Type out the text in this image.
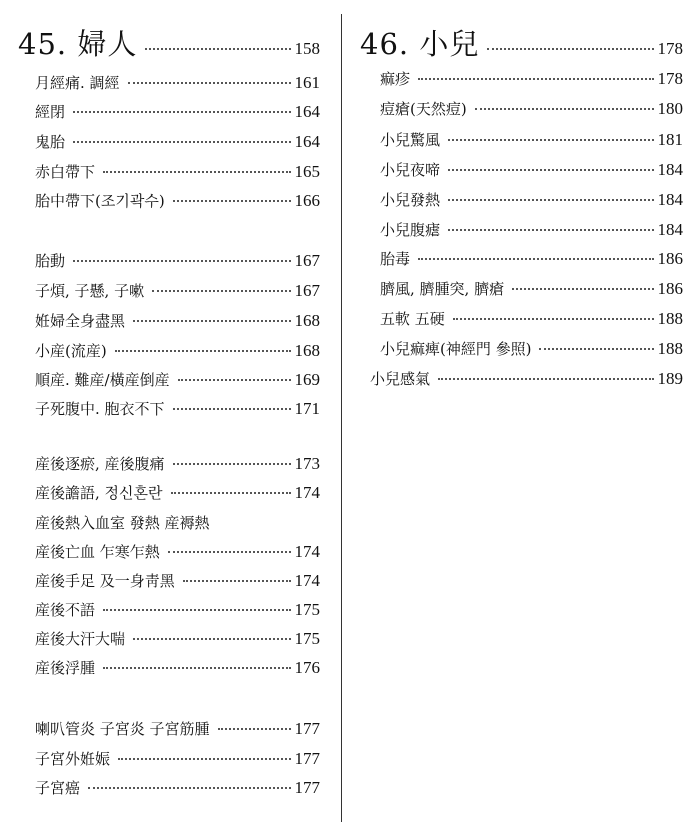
45. 婦人	158
月經痛. 調經	161
經閉	164
鬼胎	164
赤白帶下	165
胎中帶下(조기곽수)	166
胎動	167
子煩, 子懸, 子嗽	167
姙婦全身盡黑	168
小産(流産)	168
順産. 難産/橫産倒産	169
子死腹中. 胞衣不下	171
産後逐瘀, 産後腹痛	173
産後譫語, 정신혼란	174
産後熱入血室 發熱 産褥熱
産後亡血 乍寒乍熱	174
産後手足 及一身靑黑	174
産後不語	175
産後大汗大喘	175
産後浮腫	176
喇叭管炎 子宮炎 子宮筋腫	177
子宮外姙娠	177
子宮癌	177
46. 小兒	178
痲疹	178
痘瘡(天然痘)	180
小兒驚風	181
小兒夜啼	184
小兒發熱	184
小兒腹瘧	184
胎毒	186
臍風, 臍腫突, 臍瘡	186
五軟 五硬	188
小兒痲痺(神經門 參照)	188
小兒感氣	189
